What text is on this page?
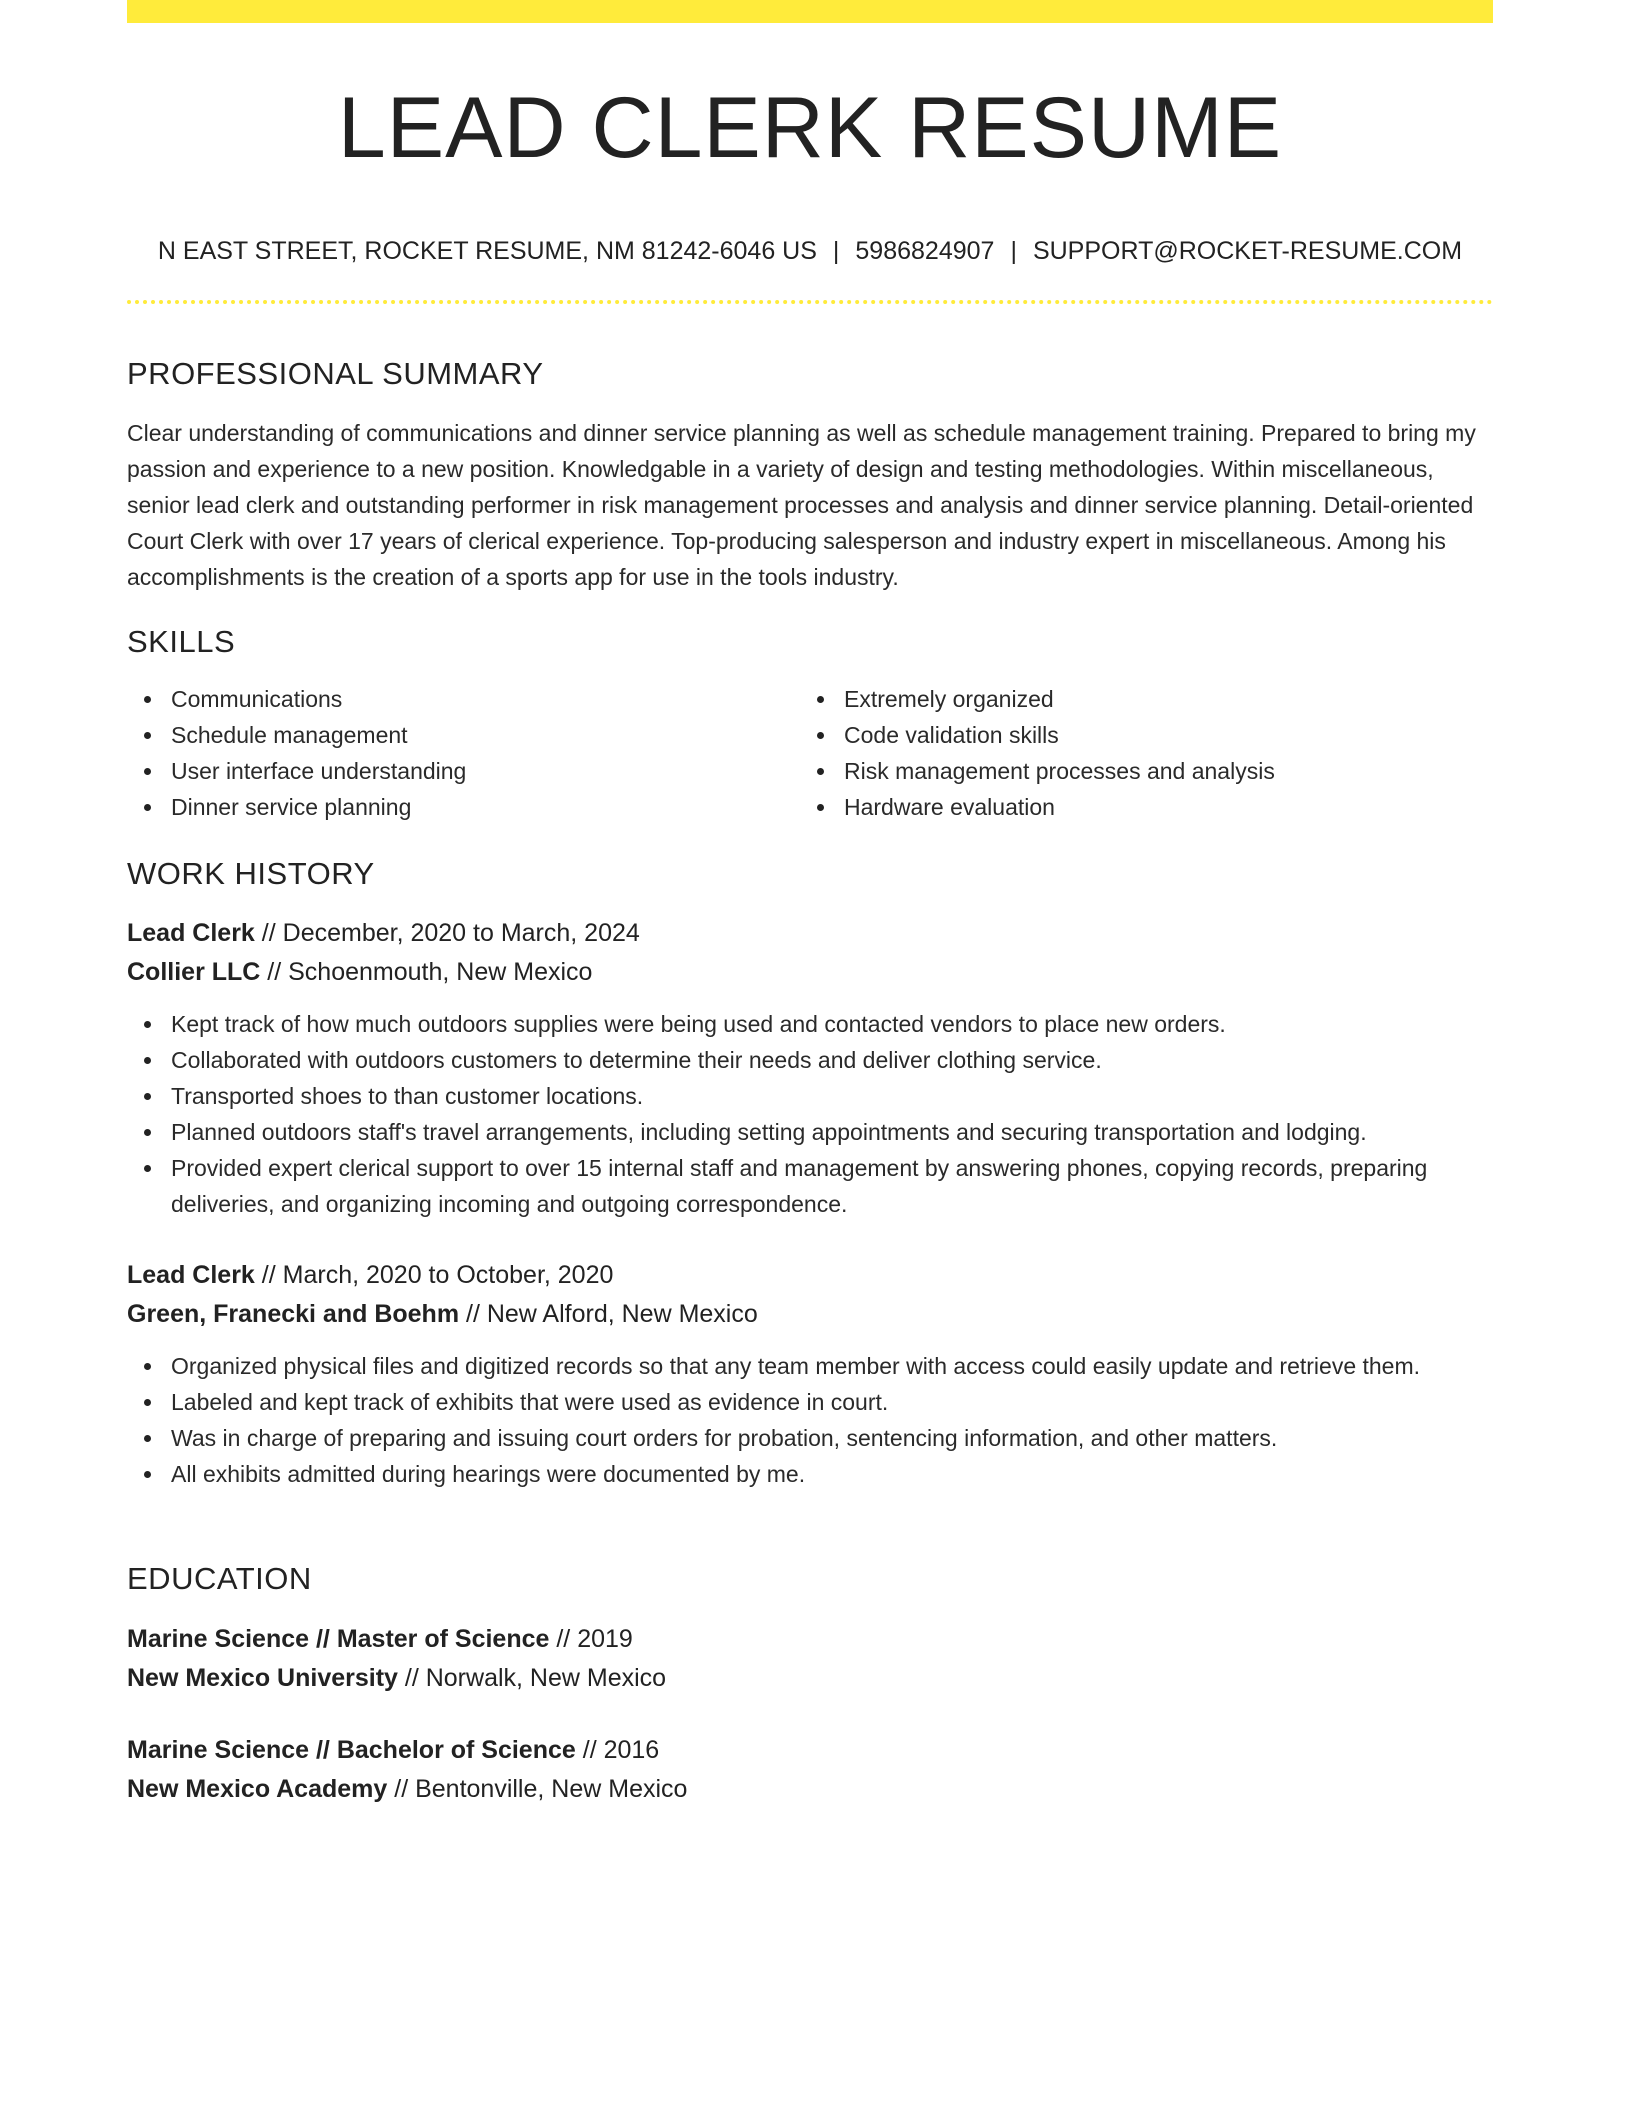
LEAD CLERK RESUME
N EAST STREET, ROCKET RESUME, NM 81242-6046 US | 5986824907 | SUPPORT@ROCKET-RESUME.COM
PROFESSIONAL SUMMARY

Clear understanding of communications and dinner service planning as well as schedule management training. Prepared to bring my passion and experience to a new position. Knowledgable in a variety of design and testing methodologies. Within miscellaneous, senior lead clerk and outstanding performer in risk management processes and analysis and dinner service planning. Detail-oriented Court Clerk with over 17 years of clerical experience. Top-producing salesperson and industry expert in miscellaneous. Among his accomplishments is the creation of a sports app for use in the tools industry.

SKILLS
Communications
Schedule management
User interface understanding
Dinner service planning
Extremely organized
Code validation skills
Risk management processes and analysis
Hardware evaluation
WORK HISTORY
Lead Clerk // December, 2020 to March, 2024
Collier LLC // Schoenmouth, New Mexico
Kept track of how much outdoors supplies were being used and contacted vendors to place new orders.
Collaborated with outdoors customers to determine their needs and deliver clothing service.
Transported shoes to than customer locations.
Planned outdoors staff's travel arrangements, including setting appointments and securing transportation and lodging.
Provided expert clerical support to over 15 internal staff and management by answering phones, copying records, preparing deliveries, and organizing incoming and outgoing correspondence.
Lead Clerk // March, 2020 to October, 2020
Green, Franecki and Boehm // New Alford, New Mexico
Organized physical files and digitized records so that any team member with access could easily update and retrieve them.
Labeled and kept track of exhibits that were used as evidence in court.
Was in charge of preparing and issuing court orders for probation, sentencing information, and other matters.
All exhibits admitted during hearings were documented by me.
EDUCATION
Marine Science // Master of Science // 2019
New Mexico University // Norwalk, New Mexico
Marine Science // Bachelor of Science // 2016
New Mexico Academy // Bentonville, New Mexico
